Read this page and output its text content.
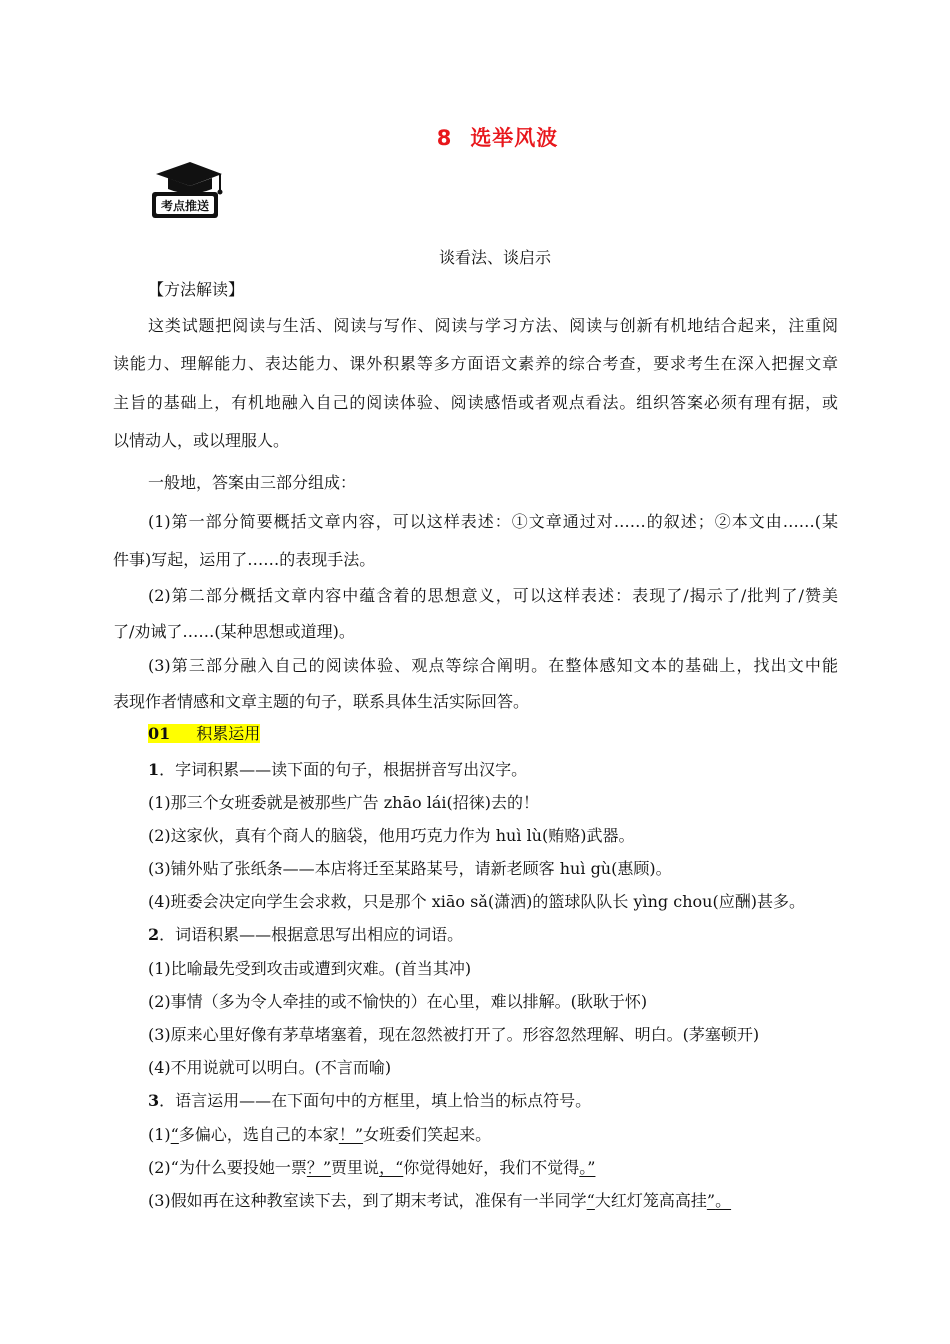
8 选举风波
考点推送
谈看法、谈启示
【方法解读】
这类试题把阅读与生活、阅读与写作、阅读与学习方法、阅读与创新有机地结合起来，注重阅
读能力、理解能力、表达能力、课外积累等多方面语文素养的综合考查，要求考生在深入把握文章
主旨的基础上，有机地融入自己的阅读体验、阅读感悟或者观点看法。组织答案必须有理有据，或
以情动人，或以理服人。
一般地，答案由三部分组成：
(1)第一部分简要概括文章内容，可以这样表述：①文章通过对……的叙述；②本文由……(某
件事)写起，运用了……的表现手法。
(2)第二部分概括文章内容中蕴含着的思想意义，可以这样表述：表现了/揭示了/批判了/赞美
了/劝诫了……(某种思想或道理)。
(3)第三部分融入自己的阅读体验、观点等综合阐明。在整体感知文本的基础上，找出文中能
表现作者情感和文章主题的句子，联系具体生活实际回答。
01 积累运用
1．字词积累——读下面的句子，根据拼音写出汉字。
(1)那三个女班委就是被那些广告 zhāo lái(招徕)去的！
(2)这家伙，真有个商人的脑袋，他用巧克力作为 huì lù(贿赂)武器。
(3)铺外贴了张纸条——本店将迁至某路某号，请新老顾客 huì gù(惠顾)。
(4)班委会决定向学生会求救，只是那个 xiāo sǎ(潇洒)的篮球队队长 yìng chou(应酬)甚多。
2．词语积累——根据意思写出相应的词语。
(1)比喻最先受到攻击或遭到灾难。(首当其冲)
(2)事情（多为令人牵挂的或不愉快的）在心里，难以排解。(耿耿于怀)
(3)原来心里好像有茅草堵塞着，现在忽然被打开了。形容忽然理解、明白。(茅塞顿开)
(4)不用说就可以明白。(不言而喻)
3．语言运用——在下面句中的方框里，填上恰当的标点符号。
(1)“多偏心，选自己的本家！”女班委们笑起来。
(2)“为什么要投她一票？”贾里说，“你觉得她好，我们不觉得。”
(3)假如再在这种教室读下去，到了期末考试，准保有一半同学“大红灯笼高高挂”。
